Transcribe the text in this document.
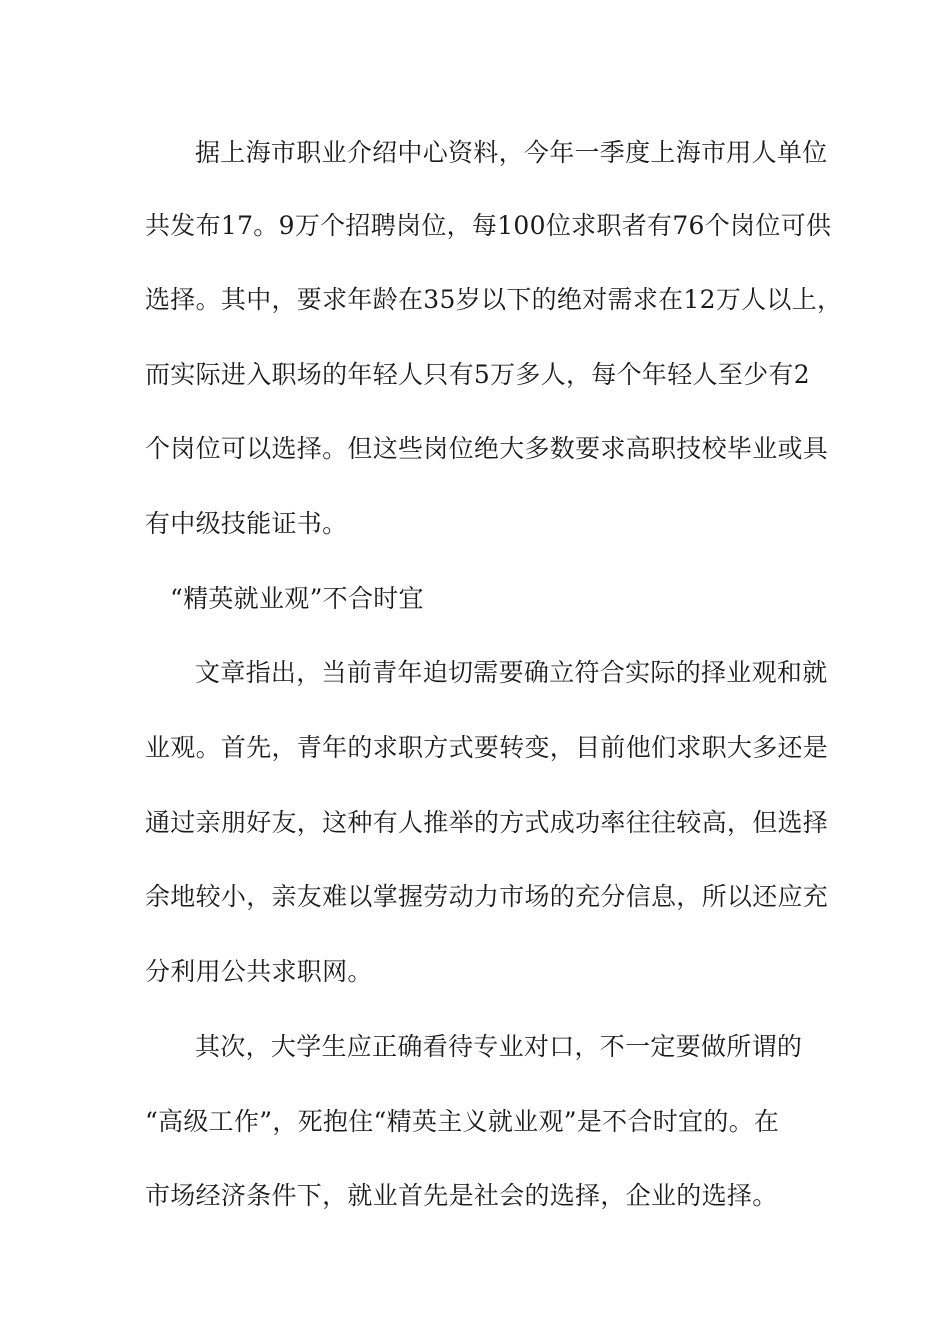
据上海市职业介绍中心资料，今年一季度上海市用人单位
共发布17。9万个招聘岗位，每100位求职者有76个岗位可供
选择。其中，要求年龄在35岁以下的绝对需求在12万人以上，
而实际进入职场的年轻人只有5万多人，每个年轻人至少有2
个岗位可以选择。但这些岗位绝大多数要求高职技校毕业或具
有中级技能证书。
“精英就业观”不合时宜
文章指出，当前青年迫切需要确立符合实际的择业观和就
业观。首先，青年的求职方式要转变，目前他们求职大多还是
通过亲朋好友，这种有人推举的方式成功率往往较高，但选择
余地较小，亲友难以掌握劳动力市场的充分信息，所以还应充
分利用公共求职网。
其次，大学生应正确看待专业对口，不一定要做所谓的
“高级工作”，死抱住“精英主义就业观”是不合时宜的。在
市场经济条件下，就业首先是社会的选择，企业的选择。
